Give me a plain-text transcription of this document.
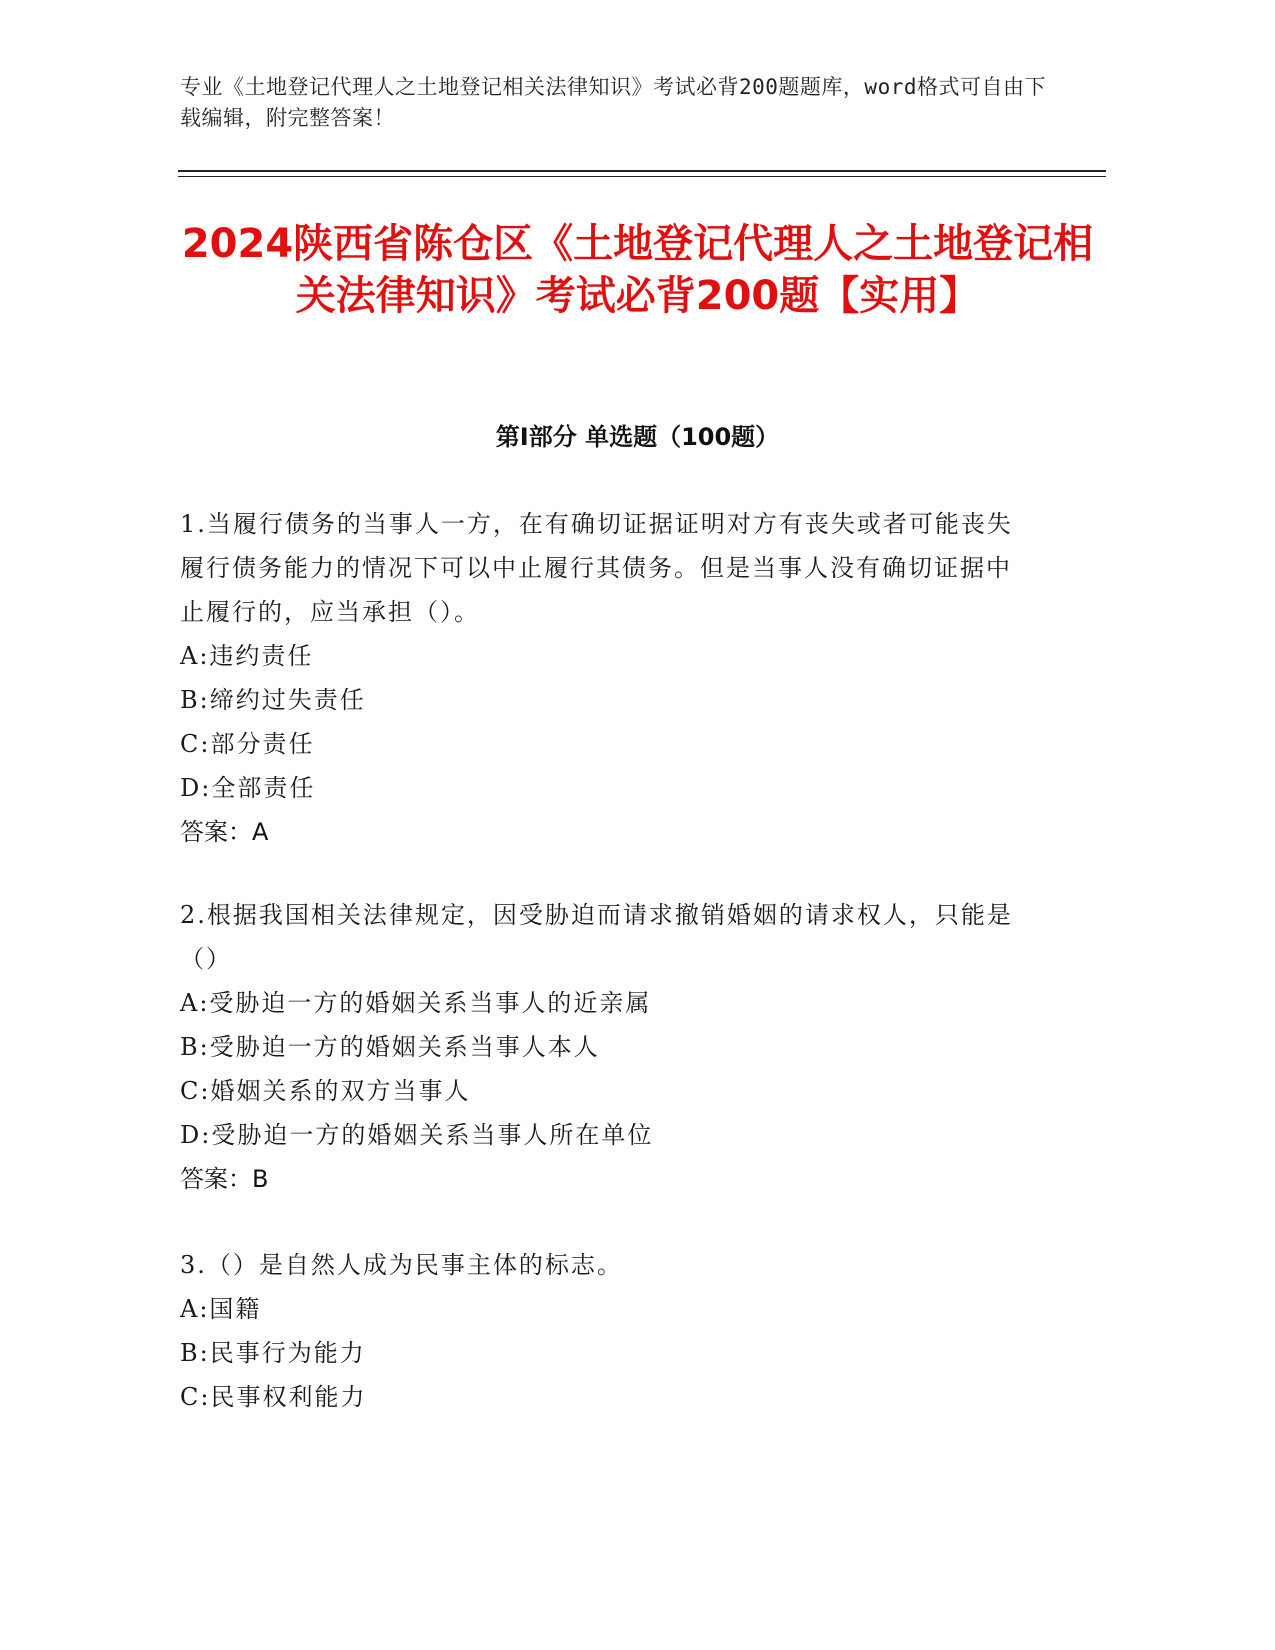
专业《土地登记代理人之土地登记相关法律知识》考试必背200题题库，word格式可自由下载编辑，附完整答案！
2024陕西省陈仓区《土地登记代理人之土地登记相关法律知识》考试必背200题【实用】
第Ⅰ部分 单选题（100题）
1.当履行债务的当事人一方，在有确切证据证明对方有丧失或者可能丧失履行债务能力的情况下可以中止履行其债务。但是当事人没有确切证据中止履行的，应当承担（）。
A:违约责任
B:缔约过失责任
C:部分责任
D:全部责任
答案：A
2.根据我国相关法律规定，因受胁迫而请求撤销婚姻的请求权人，只能是（）
A:受胁迫一方的婚姻关系当事人的近亲属
B:受胁迫一方的婚姻关系当事人本人
C:婚姻关系的双方当事人
D:受胁迫一方的婚姻关系当事人所在单位
答案：B
3.（）是自然人成为民事主体的标志。
A:国籍
B:民事行为能力
C:民事权利能力
